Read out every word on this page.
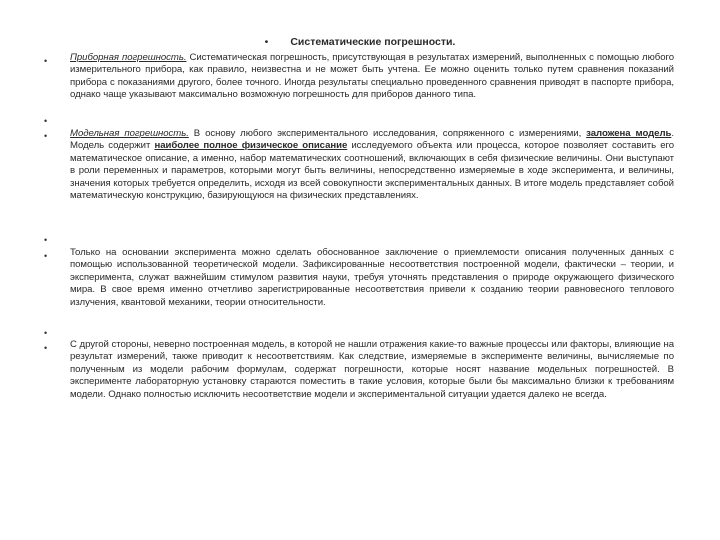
• Систематические погрешности.
•
•
•
•
•
•
•
Приборная погрешность. Систематическая погрешность, присутствующая в результатах измерений, выполненных с помощью любого измерительного прибора, как правило, неизвестна и не может быть учтена. Ее можно оценить только путем сравнения показаний прибора с показаниями другого, более точного. Иногда результаты специально проведенного сравнения приводят в паспорте прибора, однако чаще указывают максимально возможную погрешность для приборов данного типа.
Модельная погрешность. В основу любого экспериментального исследования, сопряженного с измерениями, заложена модель. Модель содержит наиболее полное физическое описание исследуемого объекта или процесса, которое позволяет составить его математическое описание, а именно, набор математических соотношений, включающих в себя физические величины. Они выступают в роли переменных и параметров, которыми могут быть величины, непосредственно измеряемые в ходе эксперимента, и величины, значения которых требуется определить, исходя из всей совокупности экспериментальных данных. В итоге модель представляет собой математическую конструкцию, базирующуюся на физических представлениях.
Только на основании эксперимента можно сделать обоснованное заключение о приемлемости описания полученных данных с помощью использованной теоретической модели. Зафиксированные несоответствия построенной модели, фактически – теории, и эксперимента, служат важнейшим стимулом развития науки, требуя уточнять представления о природе окружающего физического мира. В свое время именно отчетливо зарегистрированные несоответствия привели к созданию теории равновесного теплового излучения, квантовой механики, теории относительности.
С другой стороны, неверно построенная модель, в которой не нашли отражения какие-то важные процессы или факторы, влияющие на результат измерений, также приводит к несоответствиям. Как следствие, измеряемые в эксперименте величины, вычисляемые по полученным из модели рабочим формулам, содержат погрешности, которые носят название модельных погрешностей. В эксперименте лабораторную установку стараются поместить в такие условия, которые были бы максимально близки к требованиям модели. Однако полностью исключить несоответствие модели и экспериментальной ситуации удается далеко не всегда.
